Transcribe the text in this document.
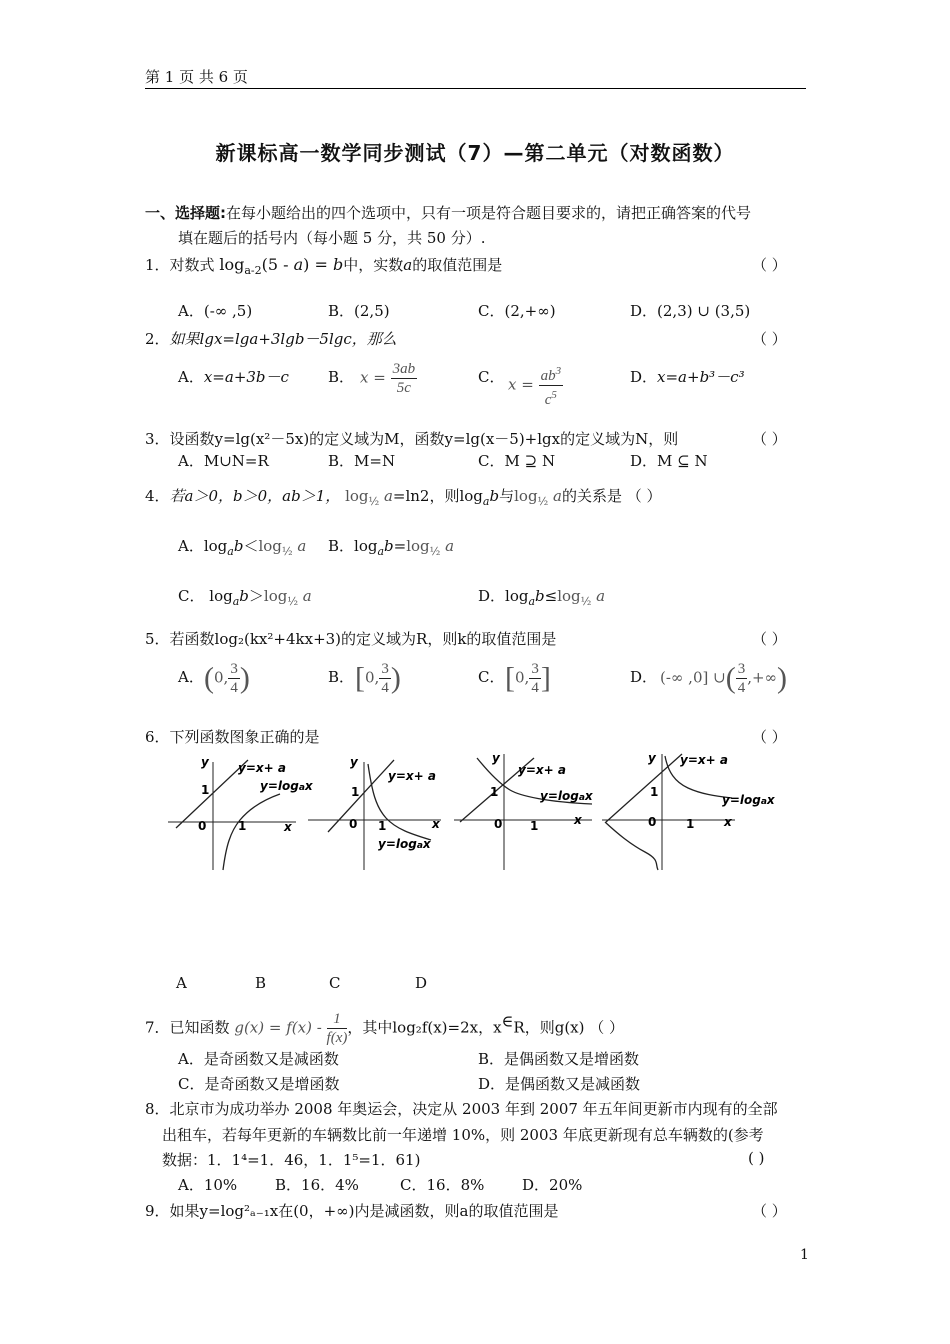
第 1 页 共 6 页
新课标高一数学同步测试（7）—第二单元（对数函数）
一、选择题:在每小题给出的四个选项中，只有一项是符合题目要求的，请把正确答案的代号
填在题后的括号内（每小题 5 分，共 50 分）.
1．对数式 $\log_{a-2}(5 - a) = b$中，实数a的取值范围是	（ ）
A．(-∞ ,5)	B．(2,5)	C．(2,+∞)	D．(2,3) ∪ (3,5)
2．如果lgx=lga+3lgb－5lgc，那么	（ ）
A．x=a+3b－c	B． $x = \frac{3ab}{5c}$	C． $x = \frac{ab^3}{c^5}$	D．x=a+b³－c³
3．设函数y=lg(x²－5x)的定义域为M，函数y=lg(x－5)+lgx的定义域为N，则	（ ）
A．M∪N=R	B．M=N	C．M ⊇ N	D．M ⊆ N
4．若a＞0，b＞0，ab＞1， $\log_{\frac{1}{2}} a=\ln 2$，则$\log_ab$与$\log_{\frac{1}{2}} a$的关系是 （ ）
A．$\log_ab<\log_{\frac{1}{2}}$ a B．$\log_ab=\log_{\frac{1}{2}}$ a
C． $\log_ab>\log_{\frac{1}{2}}$ a	D．$\log_ab\le\log_{\frac{1}{2}}$ a
5．若函数log₂(kx²+4kx+3)的定义域为R，则k的取值范围是	（ ）
A． (0, $\frac{3}{4}$ )	B． [0, $\frac{3}{4}$ )	C． [0, $\frac{3}{4}$ ]	D． (-∞ ,0] ∪( $\frac{3}{4}$ ,+∞)
6．下列函数图象正确的是	（ ）
y
x
1
0	1
y=x+ a
y=logax
y
x
1
0 1
y=x+ a
y=logax
y
x
1
0 1
y=x+ a
y=logax
y
x
1
0 1
y=x+ a
y=logax
A	B	C	D
7．已知函数 $g(x) = f(x) - \frac{1}{f(x)}$ ，其中log₂f(x)=2x，x∈R，则g(x) （ ）
A．是奇函数又是减函数	B．是偶函数又是增函数
C．是奇函数又是增函数	D．是偶函数又是减函数
8．北京市为成功举办 2008 年奥运会，决定从 2003 年到 2007 年五年间更新市内现有的全部
出租车，若每年更新的车辆数比前一年递增 10%，则 2003 年底更新现有总车辆数的(参考
数据：1．1⁴=1．46，1．1⁵=1．61)	( )
A．10%	B．16．4%	C．16．8%	D．20%
9．如果y=log²ₐ₋₁x在(0，+∞)内是减函数，则a的取值范围是	（ ）
1
